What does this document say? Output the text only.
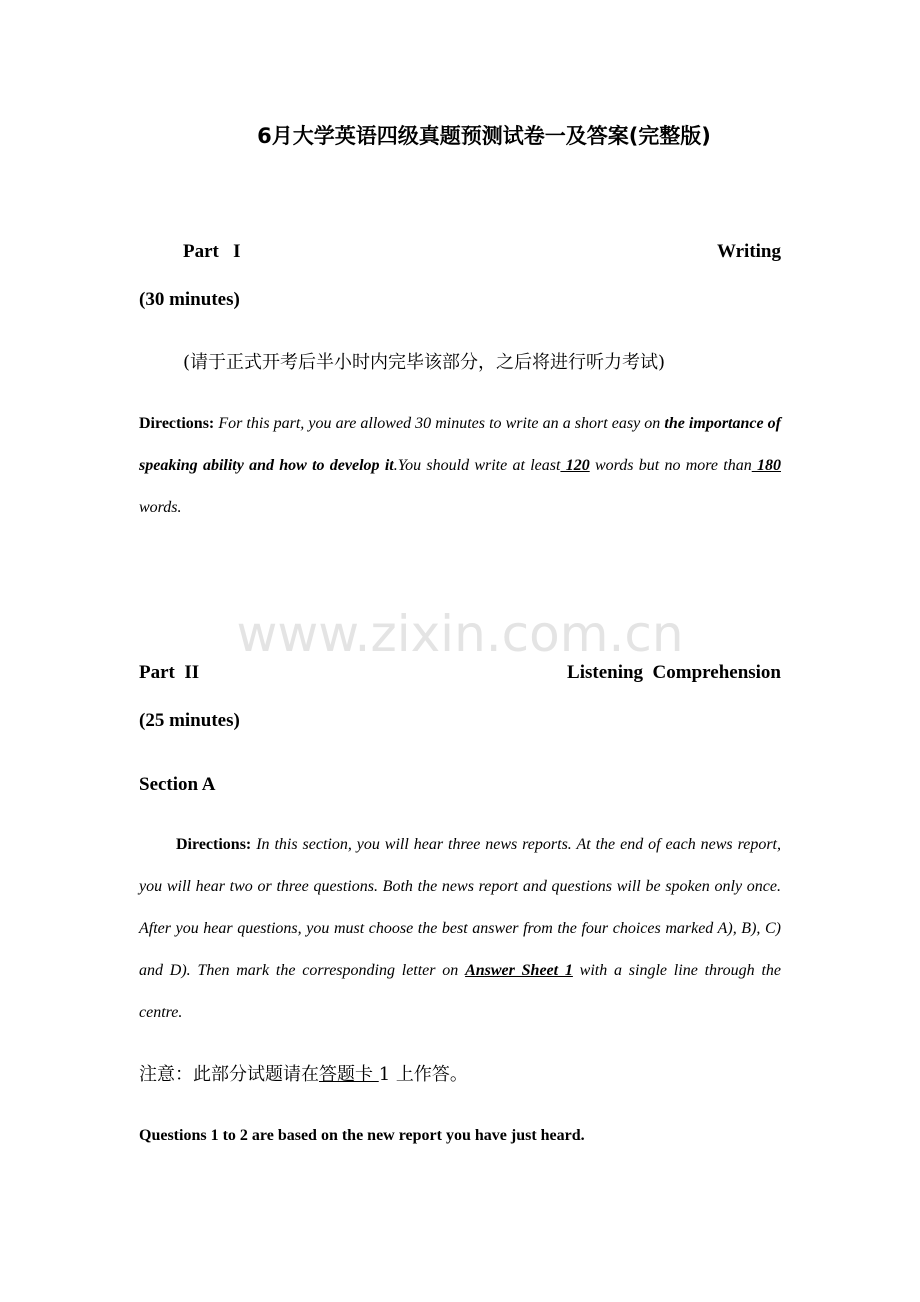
6月大学英语四级真题预测试卷一及答案(完整版)
Part   I	Writing
(30 minutes)
(请于正式开考后半小时内完毕该部分，之后将进行听力考试)
Directions: For this part, you are allowed 30 minutes to write an a short easy on the importance of speaking ability and how to develop it.You should write at least 120 words but no more than 180 words.
www.zixin.com.cn
Part  II	Listening  Comprehension
(25 minutes)
Section A
Directions: In this section, you will hear three news reports. At the end of each news report, you will hear two or three questions. Both the news report and questions will be spoken only once. After you hear questions, you must choose the best answer from the four choices marked A), B), C) and D). Then mark the corresponding letter on Answer Sheet 1 with a single line through the centre.
注意：此部分试题请在答题卡 1 上作答。
Questions 1 to 2 are based on the new report you have just heard.
